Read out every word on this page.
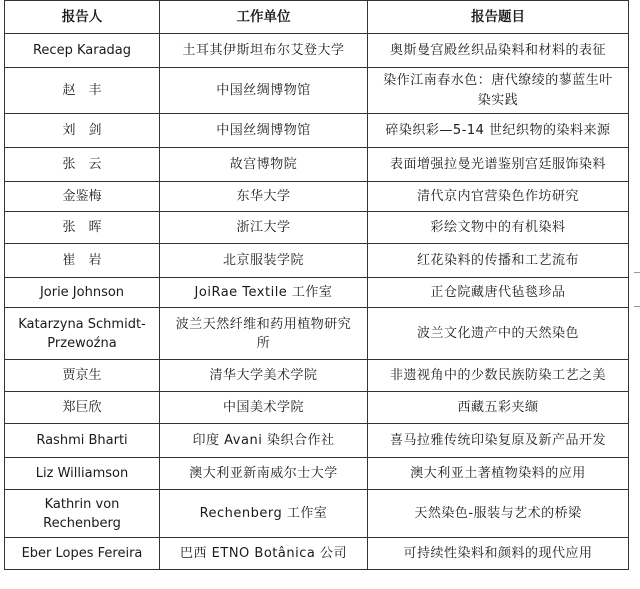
报告人	工作单位	报告题目
Recep Karadag	土耳其伊斯坦布尔艾登大学	奥斯曼宫殿丝织品染料和材料的表征
赵　丰	中国丝绸博物馆	染作江南春水色：唐代缭绫的蓼蓝生叶染实践
刘　剑	中国丝绸博物馆	碎染织彩—5-14 世纪织物的染料来源
张　云	故宫博物院	表面增强拉曼光谱鉴别宫廷服饰染料
金鉴梅	东华大学	清代京内官营染色作坊研究
张　晖	浙江大学	彩绘文物中的有机染料
崔　岩	北京服装学院	红花染料的传播和工艺流布
Jorie Johnson	JoiRae Textile 工作室	正仓院藏唐代毡毯珍品
Katarzyna Schmidt-Przewoźna	波兰天然纤维和药用植物研究所	波兰文化遗产中的天然染色
贾京生	清华大学美术学院	非遗视角中的少数民族防染工艺之美
郑巨欣	中国美术学院	西藏五彩夹缬
Rashmi Bharti	印度 Avani 染织合作社	喜马拉雅传统印染复原及新产品开发
Liz Williamson	澳大利亚新南威尔士大学	澳大利亚土著植物染料的应用
Kathrin von Rechenberg	Rechenberg 工作室	天然染色-服装与艺术的桥梁
Eber Lopes Fereira	巴西 ETNO Botânica 公司	可持续性染料和颜料的现代应用
